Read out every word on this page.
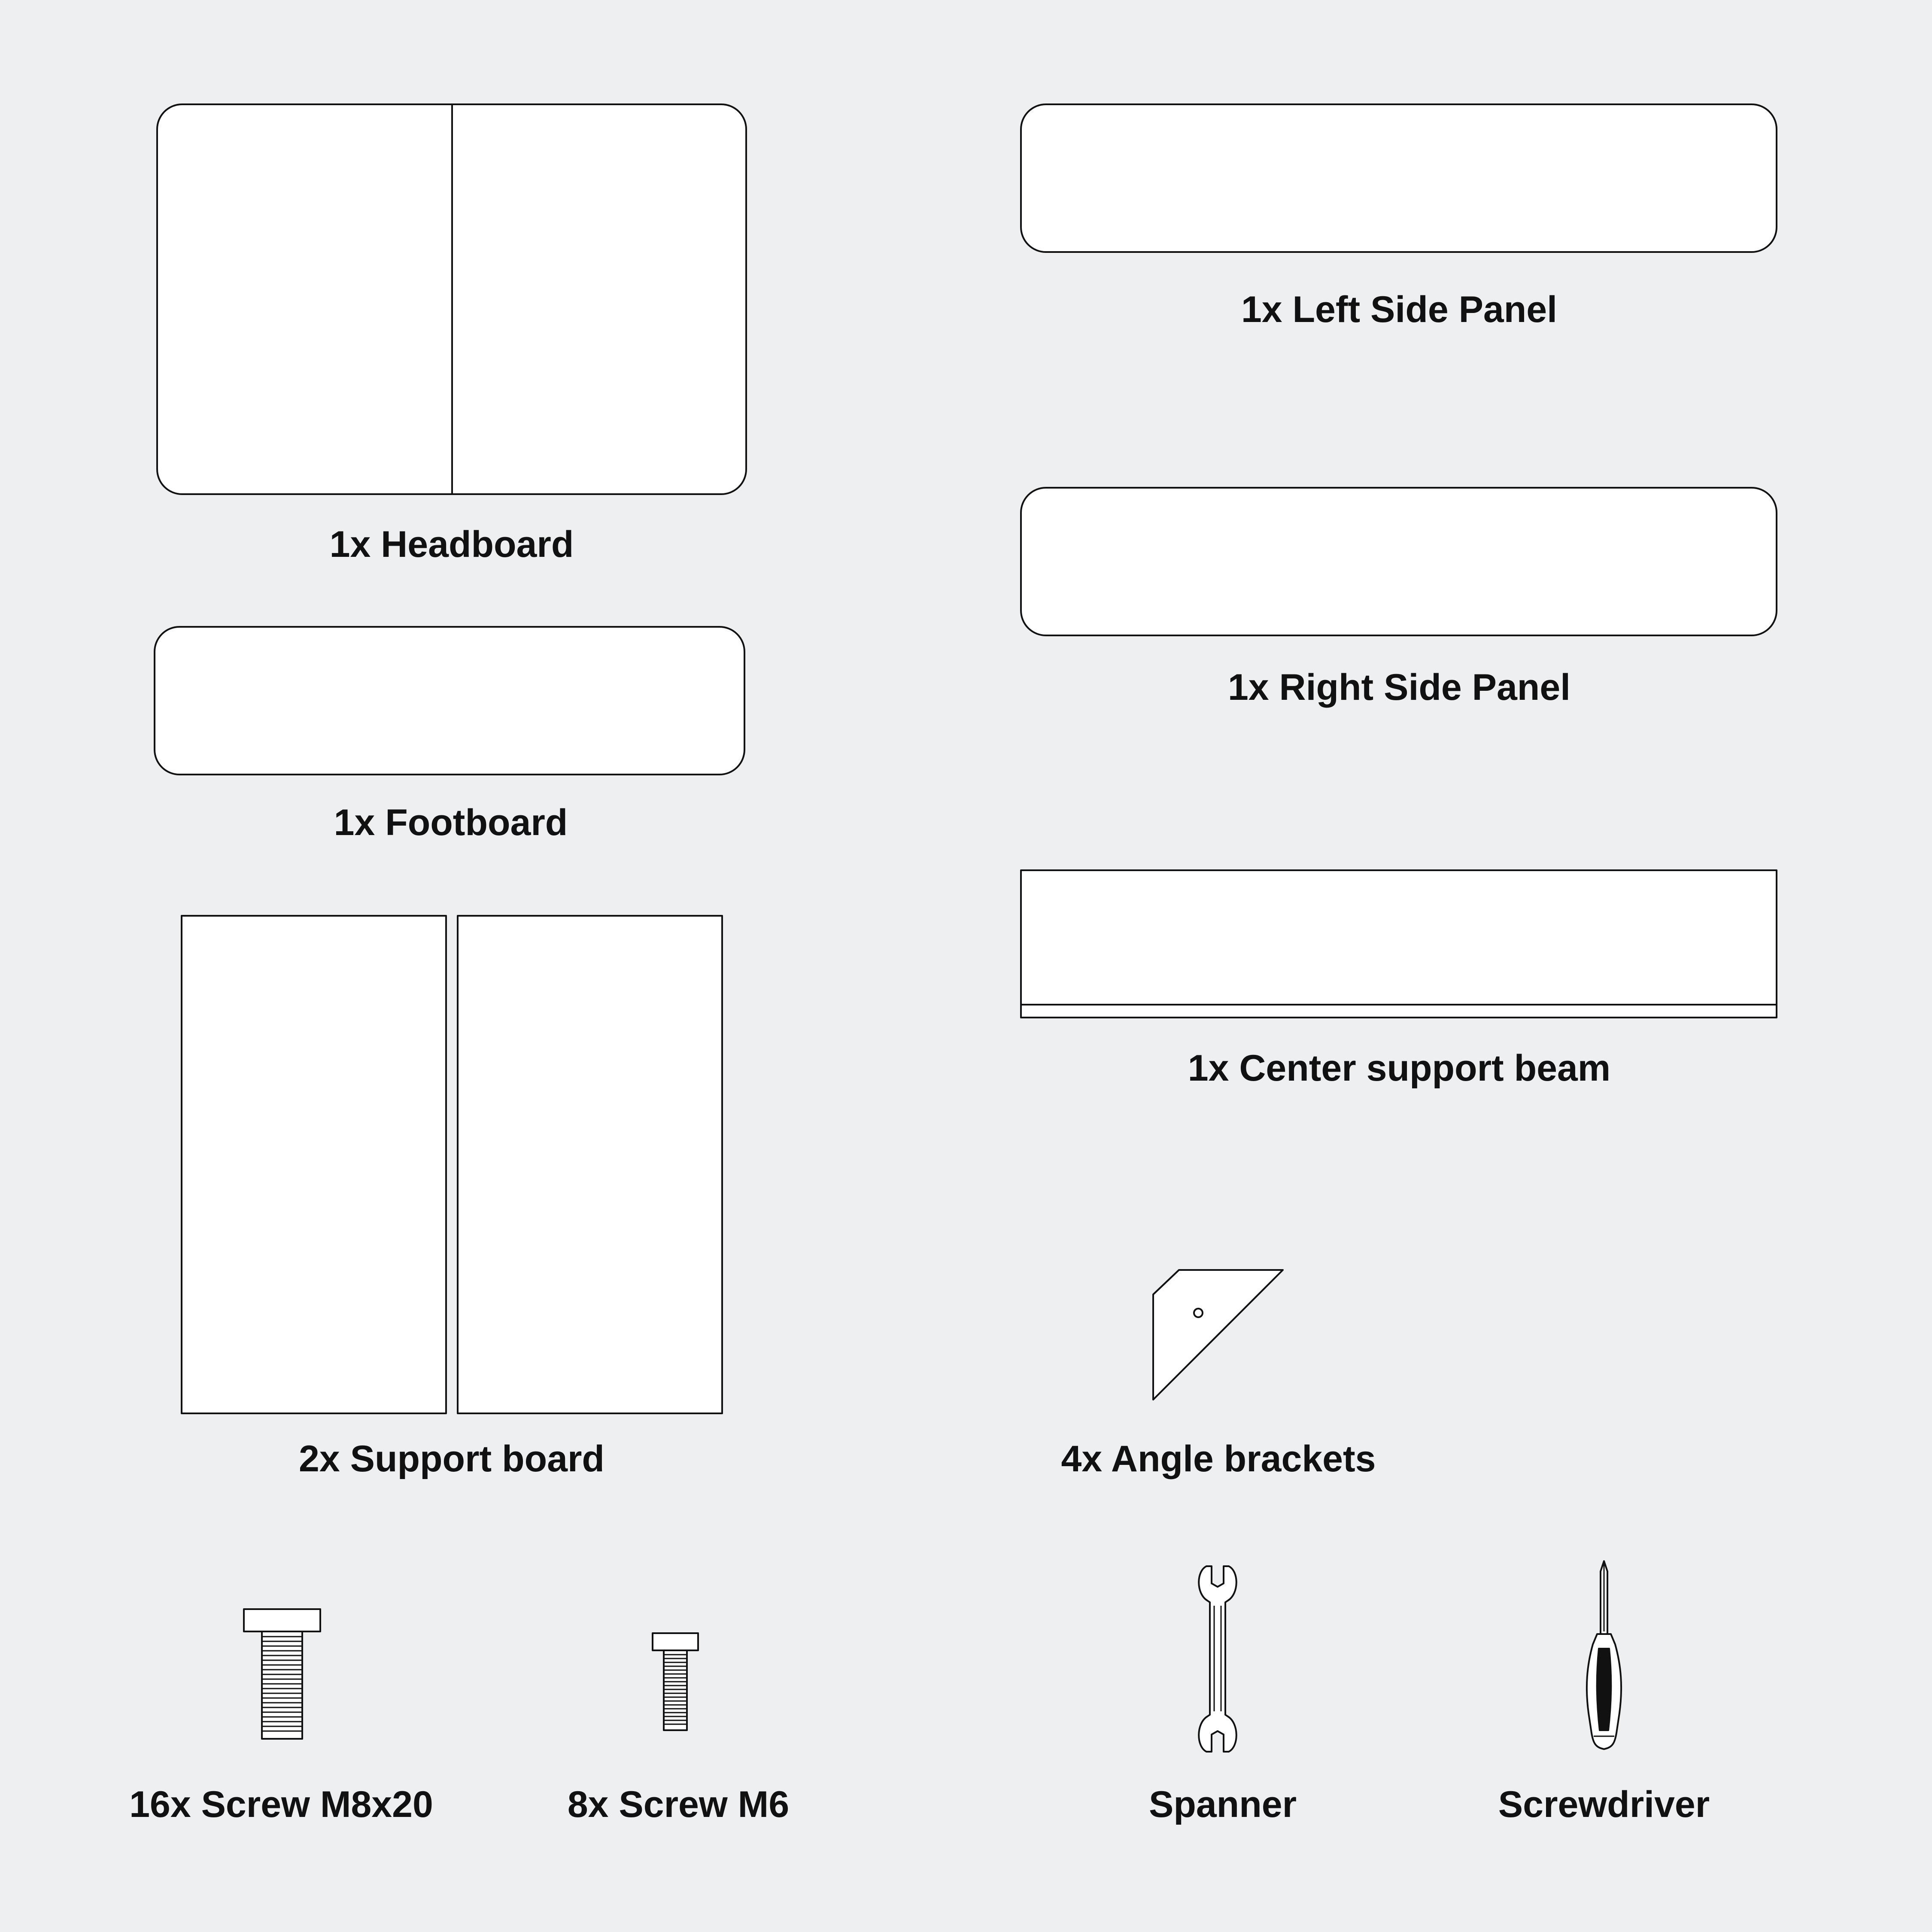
1x Headboard
1x Left Side Panel
1x Right Side Panel
1x Footboard
1x Center support beam
2x Support board	4x Angle brackets
16x Screw M8x20	8x Screw M6	Spanner	Screwdriver
